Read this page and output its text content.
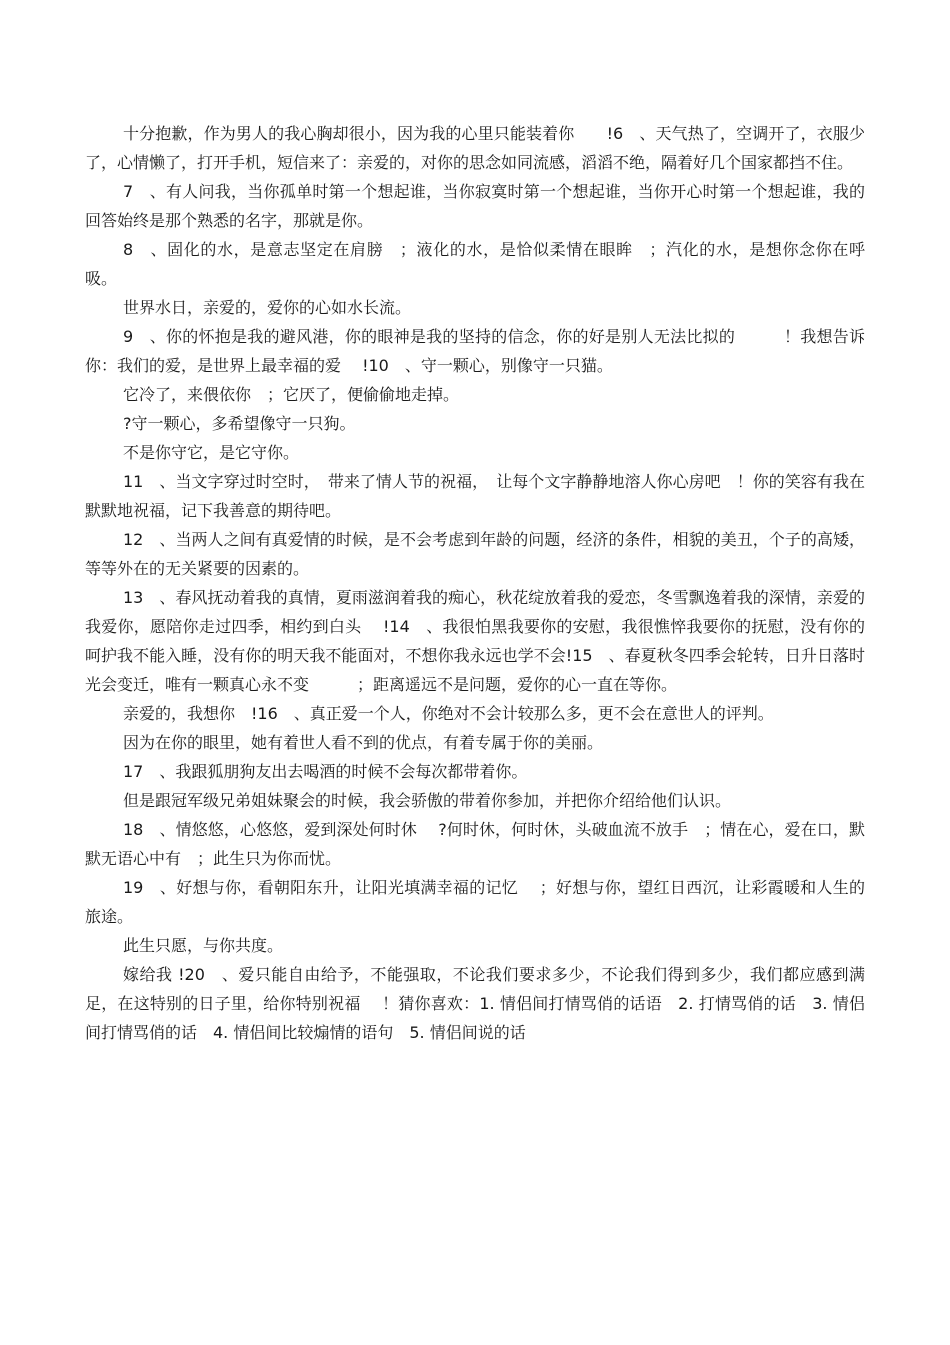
十分抱歉，作为男人的我心胸却很小，因为我的心里只能装着你　　!6　、天气热了，空调开了，衣服少了，心情懒了，打开手机，短信来了：亲爱的，对你的思念如同流感，滔滔不绝，隔着好几个国家都挡不住。

7　、有人问我，当你孤单时第一个想起谁，当你寂寞时第一个想起谁，当你开心时第一个想起谁，我的回答始终是那个熟悉的名字，那就是你。

8　、固化的水，是意志坚定在肩膀　；液化的水，是恰似柔情在眼眸　；汽化的水，是想你念你在呼吸。

世界水日，亲爱的，爱你的心如水长流。

9　、你的怀抱是我的避风港，你的眼神是我的坚持的信念，你的好是别人无法比拟的　　　！我想告诉你：我们的爱，是世界上最幸福的爱　 !10　、守一颗心，别像守一只猫。

它冷了，来偎依你　；它厌了，便偷偷地走掉。

?守一颗心，多希望像守一只狗。

不是你守它，是它守你。

11　、当文字穿过时空时，　带来了情人节的祝福，　让每个文字静静地溶人你心房吧　！你的笑容有我在默默地祝福，记下我善意的期待吧。

12　、当两人之间有真爱情的时候，是不会考虑到年龄的问题，经济的条件，相貌的美丑，个子的高矮，等等外在的无关紧要的因素的。

13　、春风抚动着我的真情，夏雨滋润着我的痴心，秋花绽放着我的爱恋，冬雪飘逸着我的深情，亲爱的我爱你，愿陪你走过四季，相约到白头　 !14　、我很怕黑我要你的安慰，我很憔悴我要你的抚慰，没有你的呵护我不能入睡，没有你的明天我不能面对，不想你我永远也学不会!15　、春夏秋冬四季会轮转，日升日落时光会变迁，唯有一颗真心永不变　　　；距离遥远不是问题，爱你的心一直在等你。

亲爱的，我想你　!16　、真正爱一个人，你绝对不会计较那么多，更不会在意世人的评判。

因为在你的眼里，她有着世人看不到的优点，有着专属于你的美丽。

17　、我跟狐朋狗友出去喝酒的时候不会每次都带着你。

但是跟冠军级兄弟姐妹聚会的时候，我会骄傲的带着你参加，并把你介绍给他们认识。

18　、情悠悠，心悠悠，爱到深处何时休　 ?何时休，何时休，头破血流不放手　；情在心，爱在口，默默无语心中有　；此生只为你而忧。

19　、好想与你，看朝阳东升，让阳光填满幸福的记忆　 ；好想与你，望红日西沉，让彩霞暖和人生的旅途。

此生只愿，与你共度。

嫁给我 !20　、爱只能自由给予，不能强取，不论我们要求多少，不论我们得到多少，我们都应感到满足，在这特别的日子里，给你特别祝福　 ！猜你喜欢：1. 情侣间打情骂俏的话语　2. 打情骂俏的话　3. 情侣间打情骂俏的话　4. 情侣间比较煽情的语句　5. 情侣间说的话
